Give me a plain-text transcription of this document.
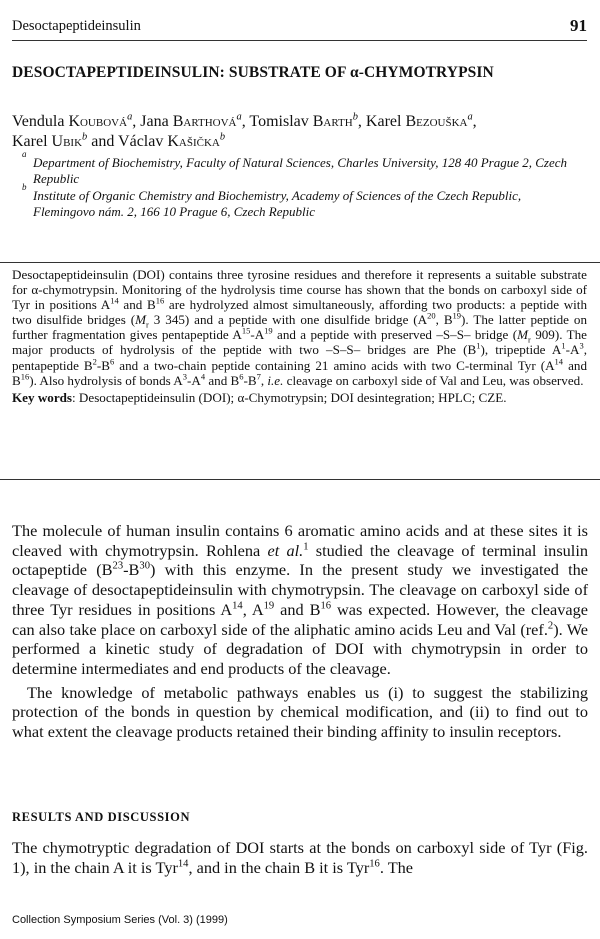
Desoctapeptideinsulin	91
DESOCTAPEPTIDEINSULIN: SUBSTRATE OF α-CHYMOTRYPSIN
Vendula Koubová$^a$, Jana Barthová$^a$, Tomislav Barth$^b$, Karel Bezouška$^a$,
Karel Ubik$^b$ and Václav Kašička$^b$
a
Department of Biochemistry, Faculty of Natural Sciences, Charles University, 128 40 Prague 2, Czech Republic
b
Institute of Organic Chemistry and Biochemistry, Academy of Sciences of the Czech Republic, Flemingovo nám. 2, 166 10 Prague 6, Czech Republic
Desoctapeptideinsulin (DOI) contains three tyrosine residues and therefore it represents a suitable substrate for α-chymotrypsin. Monitoring of the hydrolysis time course has shown that the bonds on carboxyl side of Tyr in positions $A^{14}$ and $B^{16}$ are hydrolyzed almost simultaneously, affording two products: a peptide with two disulfide bridges ($M_r$ 3 345) and a peptide with one disulfide bridge ($A^{20}$, $B^{19}$). The latter peptide on further fragmentation gives pentapeptide $A^{15}-A^{19}$ and a peptide with preserved –S–S– bridge ($M_r$ 909). The major products of hydrolysis of the peptide with two –S–S– bridges are Phe $(B^1)$, tripeptide $A^1-A^3$, pentapeptide $B^2-B^6$ and a two-chain peptide containing 21 amino acids with two C-terminal Tyr ($A^{14}$ and $B^{16}$). Also hydrolysis of bonds $A^3-A^4$ and $B^6-B^7$, i.e. cleavage on carboxyl side of Val and Leu, was observed.
Key words: Desoctapeptideinsulin (DOI); α-Chymotrypsin; DOI desintegration; HPLC; CZE.

The molecule of human insulin contains 6 aromatic amino acids and at these sites it is cleaved with chymotrypsin. Rohlena et al.$^1$ studied the cleavage of terminal insulin octapeptide $(B^{23}-B^{30})$ with this enzyme. In the present study we investigated the cleavage of desoctapeptideinsulin with chymotrypsin. The cleavage on carboxyl side of three Tyr residues in positions $A^{14}$, $A^{19}$ and $B^{16}$ was expected. However, the cleavage can also take place on carboxyl side of the aliphatic amino acids Leu and Val (ref.$^2$). We performed a kinetic study of degradation of DOI with chymotrypsin in order to determine intermediates and end products of the cleavage.

The knowledge of metabolic pathways enables us (i) to suggest the stabilizing protection of the bonds in question by chemical modification, and (ii) to find out to what extent the cleavage products retained their binding affinity to insulin receptors.

RESULTS AND DISCUSSION
The chymotryptic degradation of DOI starts at the bonds on carboxyl side of Tyr (Fig. 1), in the chain A it is Tyr$^{14}$, and in the chain B it is Tyr$^{16}$. The
Collection Symposium Series (Vol. 3) (1999)
